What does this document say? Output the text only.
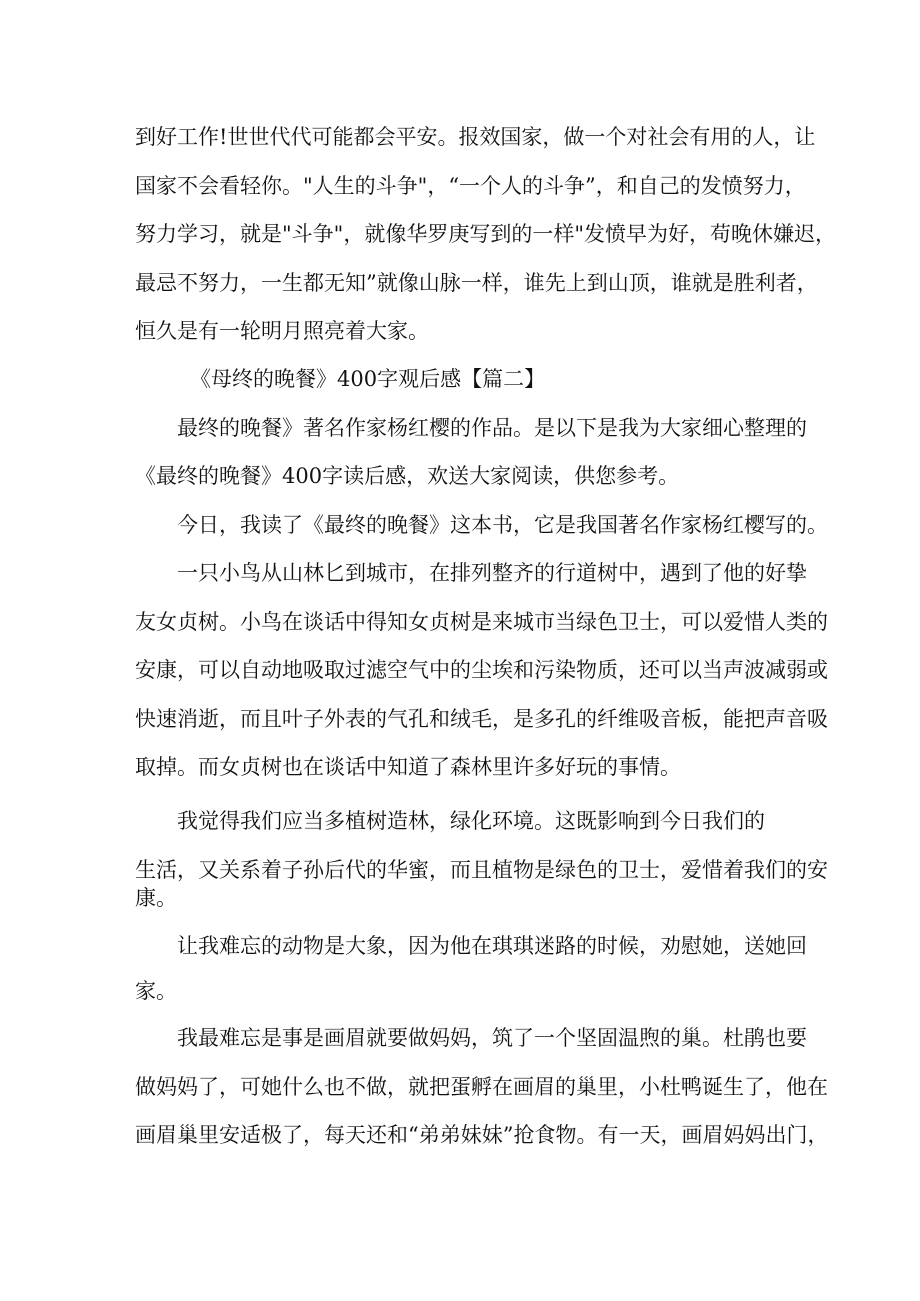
到好工作!世世代代可能都会平安。报效国家，做一个对社会有用的人，让
国家不会看轻你。"人生的斗争"，“一个人的斗争”，和自己的发愤努力，
努力学习，就是"斗争"，就像华罗庚写到的一样"发愤早为好，苟晚休嫌迟，
最忌不努力，一生都无知”就像山脉一样，谁先上到山顶，谁就是胜利者，
恒久是有一轮明月照亮着大家。
《母终的晚餐》400字观后感【篇二】
最终的晚餐》著名作家杨红樱的作品。是以下是我为大家细心整理的
《最终的晚餐》400字读后感，欢送大家阅读，供您参考。
今日，我读了《最终的晚餐》这本书，它是我国著名作家杨红樱写的。
一只小鸟从山林匕到城市，在排列整齐的行道树中，遇到了他的好挚
友女贞树。小鸟在谈话中得知女贞树是来城市当绿色卫士，可以爱惜人类的
安康，可以自动地吸取过滤空气中的尘埃和污染物质，还可以当声波减弱或
快速消逝，而且叶子外表的气孔和绒毛，是多孔的纤维吸音板，能把声音吸
取掉。而女贞树也在谈话中知道了森林里许多好玩的事情。
我觉得我们应当多植树造林，绿化环境。这既影响到今日我们的
生活，又关系着子孙后代的华蜜，而且植物是绿色的卫士，爱惜着我们的安
康。
让我难忘的动物是大象，因为他在琪琪迷路的时候，劝慰她，送她回
家。
我最难忘是事是画眉就要做妈妈，筑了一个坚固温煦的巢。杜鹃也要
做妈妈了，可她什么也不做，就把蛋孵在画眉的巢里，小杜鸭诞生了，他在
画眉巢里安适极了，每天还和“弟弟妹妹”抢食物。有一天，画眉妈妈出门，
